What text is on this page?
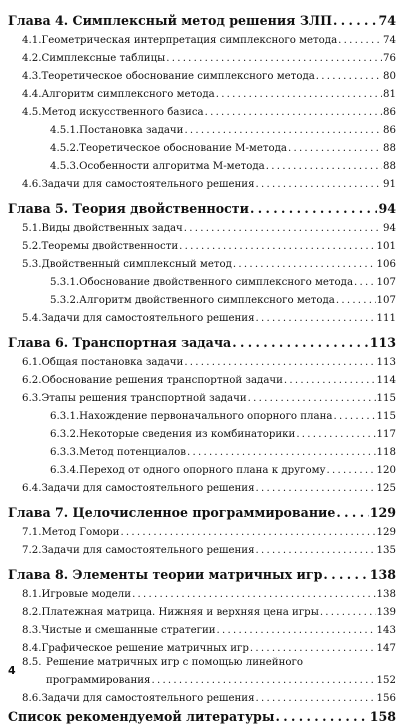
Глава 4. Симплексный метод решения ЗЛП . . .	74
4.1. Геометрическая интерпретация симплексного метода . . .	74
4.2. Симплексные таблицы . . .	76
4.3. Теоретическое обоснование симплексного метода . . .	80
4.4. Алгоритм симплексного метода . . .	81
4.5. Метод искусственного базиса . . .	86
4.5.1. Постановка задачи . . .	86
4.5.2. Теоретическое обоснование M-метода . . .	88
4.5.3. Особенности алгоритма M-метода . . .	88
4.6. Задачи для самостоятельного решения . . .	91
Глава 5. Теория двойственности . . .	94
5.1. Виды двойственных задач . . .	94
5.2. Теоремы двойственности . . .	101
5.3. Двойственный симплексный метод . . .	106
5.3.1. Обоснование двойственного симплексного метода . . . 107
5.3.2. Алгоритм двойственного симплексного метода . . .	107
5.4. Задачи для самостоятельного решения . . .	111
Глава 6. Транспортная задача . . .	113
6.1. Общая постановка задачи . . .	113
6.2. Обоснование решения транспортной задачи . . .	114
6.3. Этапы решения транспортной задачи . . .	115
6.3.1. Нахождение первоначального опорного плана . . .	115
6.3.2. Некоторые сведения из комбинаторики . . .	117
6.3.3. Метод потенциалов . . .	118
6.3.4. Переход от одного опорного плана к другому . . .	120
6.4. Задачи для самостоятельного решения . . .	125
Глава 7. Целочисленное программирование . . .	129
7.1. Метод Гомори . . .	129
7.2. Задачи для самостоятельного решения . . .	135
Глава 8. Элементы теории матричных игр . . .	138
8.1. Игровые модели . . .	138
8.2. Платежная матрица. Нижняя и верхняя цена игры . . .	139
8.3. Чистые и смешанные стратегии . . .	143
8.4. Графическое решение матричных игр . . .	147
8.5. Решение матричных игр с помощью линейного
программирования . . .	152
8.6. Задачи для самостоятельного решения . . .	156
Список рекомендуемой литературы . . .	158
4
